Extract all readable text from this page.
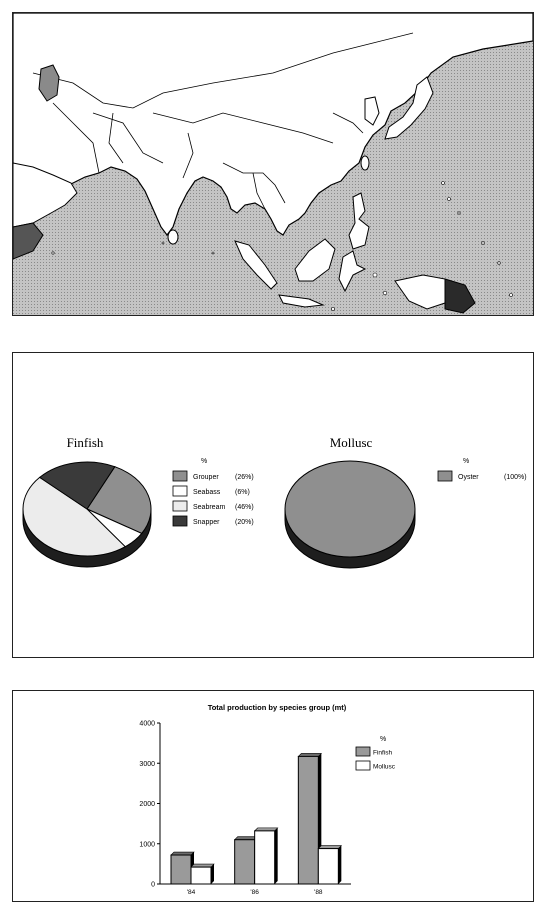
Finfish
%
Grouper (26%)
Seabass (6%)
Seabream (46%)
Snapper (20%)
Mollusc
%
Oyster	(100%)
Total production by species group (mt)
0
1000
2000
3000
4000
'84	'86	'88
%
Finfish
Mollusc
